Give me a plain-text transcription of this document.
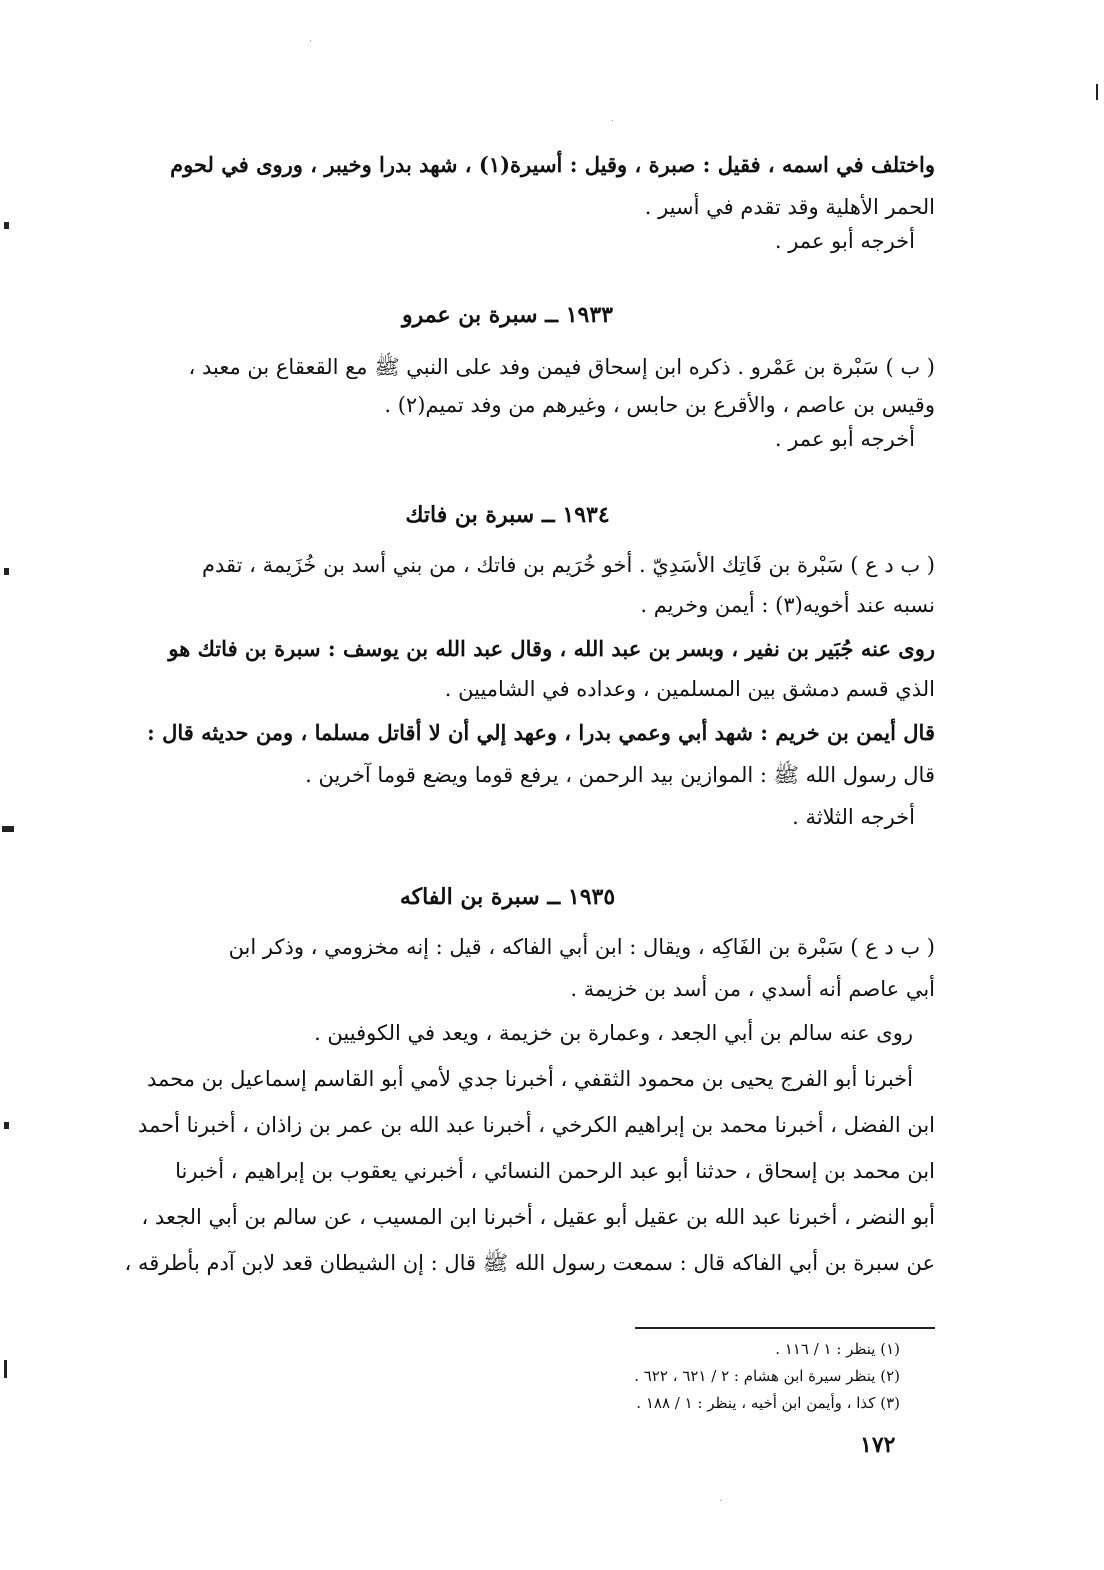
واختلف في اسمه ، فقيل : صبرة ، وقيل : أسيرة(١) ، شهد بدرا وخيبر ، وروى في لحوم
الحمر الأهلية وقد تقدم في أسير .
أخرجه أبو عمر .
١٩٣٣ ــ سبرة بن عمرو
( ب ) سَبْرة بن عَمْرو . ذكره ابن إسحاق فيمن وفد على النبي ﷺ مع القعقاع بن معبد ،
وقيس بن عاصم ، والأقرع بن حابس ، وغيرهم من وفد تميم(٢) .
أخرجه أبو عمر .
١٩٣٤ ــ سبرة بن فاتك
( ب د ع ) سَبْرة بن فَاتِك الأسَدِيّ . أخو خُرَيم بن فاتك ، من بني أسد بن خُزَيمة ، تقدم
نسبه عند أخويه(٣) : أيمن وخريم .
روى عنه جُبَير بن نفير ، وبسر بن عبد الله ، وقال عبد الله بن يوسف : سبرة بن فاتك هو
الذي قسم دمشق بين المسلمين ، وعداده في الشاميين .
قال أيمن بن خريم : شهد أبي وعمي بدرا ، وعهد إلي أن لا أقاتل مسلما ، ومن حديثه قال :
قال رسول الله ﷺ : الموازين بيد الرحمن ، يرفع قوما ويضع قوما آخرين .
أخرجه الثلاثة .
١٩٣٥ ــ سبرة بن الفاكه
( ب د ع ) سَبْرة بن الفَاكِه ، ويقال : ابن أبي الفاكه ، قيل : إنه مخزومي ، وذكر ابن
أبي عاصم أنه أسدي ، من أسد بن خزيمة .
روى عنه سالم بن أبي الجعد ، وعمارة بن خزيمة ، ويعد في الكوفيين .
أخبرنا أبو الفرج يحيى بن محمود الثقفي ، أخبرنا جدي لأمي أبو القاسم إسماعيل بن محمد
ابن الفضل ، أخبرنا محمد بن إبراهيم الكرخي ، أخبرنا عبد الله بن عمر بن زاذان ، أخبرنا أحمد
ابن محمد بن إسحاق ، حدثنا أبو عبد الرحمن النسائي ، أخبرني يعقوب بن إبراهيم ، أخبرنا
أبو النضر ، أخبرنا عبد الله بن عقيل أبو عقيل ، أخبرنا ابن المسيب ، عن سالم بن أبي الجعد ،
عن سبرة بن أبي الفاكه قال : سمعت رسول الله ﷺ قال : إن الشيطان قعد لابن آدم بأطرقه ،
(١) ينظر : ١ / ١١٦ .
(٢) ينظر سيرة ابن هشام : ٢ / ٦٢١ ، ٦٢٢ .
(٣) كذا ، وأيمن ابن أخيه ، ينظر : ١ / ١٨٨ .
١٧٢
